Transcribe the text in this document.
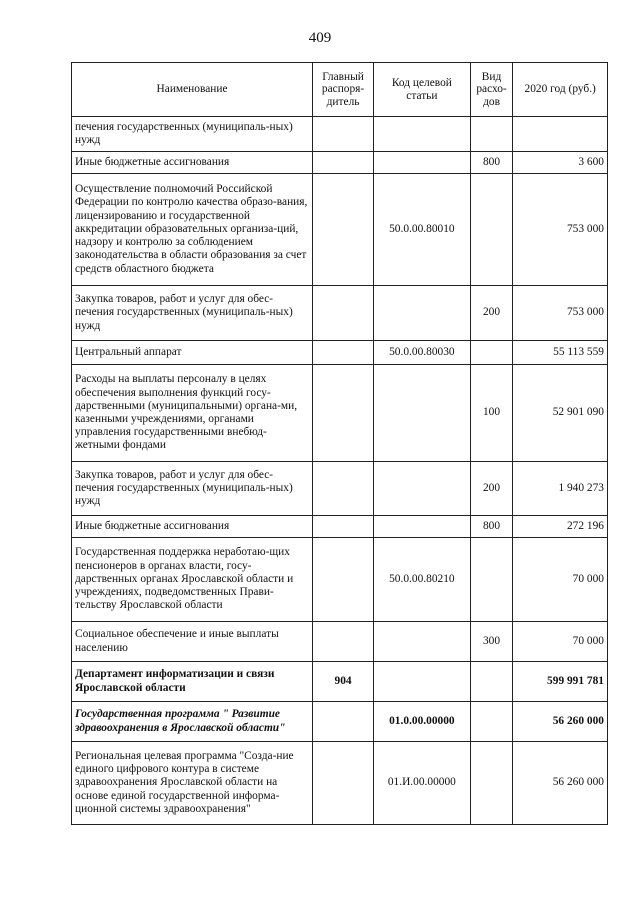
409
Наименование	Главный распоря-дитель	Код целевой статьи	Вид расхо-дов	2020 год (руб.)
печения государственных (муниципаль-ных) нужд				
Иные бюджетные ассигнования			800	3 600
Осуществление полномочий Российской Федерации по контролю качества образо-вания, лицензированию и государственной аккредитации образовательных организа-ций, надзору и контролю за соблюдением законодательства в области образования за счет средств областного бюджета		50.0.00.80010		753 000
Закупка товаров, работ и услуг для обес-печения государственных (муниципаль-ных) нужд			200	753 000
Центральный аппарат		50.0.00.80030		55 113 559
Расходы на выплаты персоналу в целях обеспечения выполнения функций госу-дарственными (муниципальными) органа-ми, казенными учреждениями, органами управления государственными внебюд-жетными фондами			100	52 901 090
Закупка товаров, работ и услуг для обес-печения государственных (муниципаль-ных) нужд			200	1 940 273
Иные бюджетные ассигнования			800	272 196
Государственная поддержка неработаю-щих пенсионеров в органах власти, госу-дарственных органах Ярославской области и учреждениях, подведомственных Прави-тельству Ярославской области		50.0.00.80210		70 000
Социальное обеспечение и иные выплаты населению			300	70 000
Департамент информатизации и связи Ярославской области	904			599 991 781
Государственная программа " Развитие здравоохранения в Ярославской области"		01.0.00.00000		56 260 000
Региональная целевая программа "Созда-ние единого цифрового контура в системе здравоохранения Ярославской области на основе единой государственной информа-ционной системы здравоохранения"		01.И.00.00000		56 260 000
